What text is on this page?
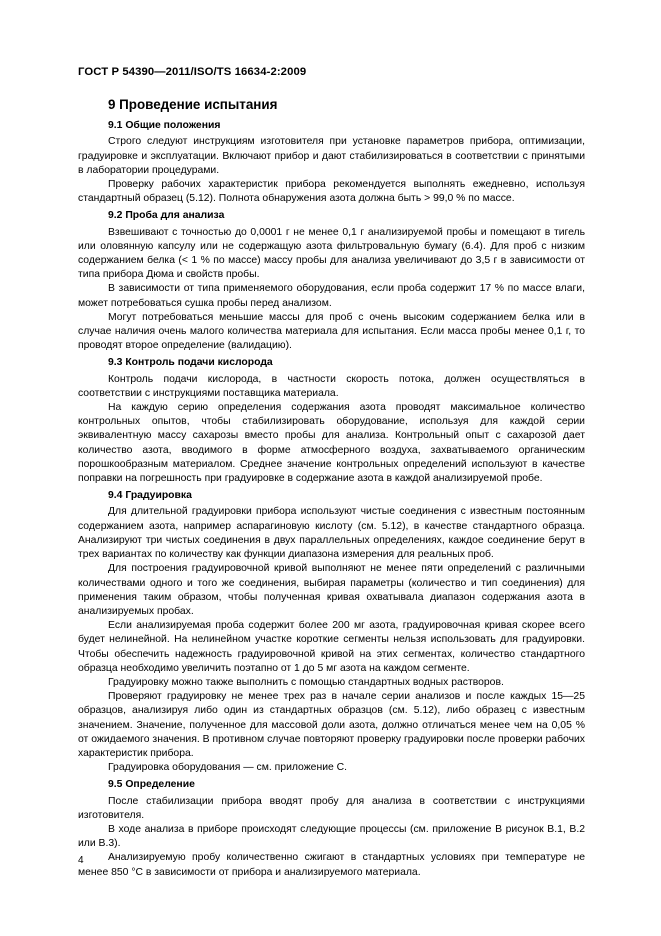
ГОСТ Р 54390—2011/ISO/TS 16634-2:2009
9 Проведение испытания
9.1 Общие положения

Строго следуют инструкциям изготовителя при установке параметров прибора, оптимизации, градуировке и эксплуатации. Включают прибор и дают стабилизироваться в соответствии с принятыми в лаборатории процедурами.

Проверку рабочих характеристик прибора рекомендуется выполнять ежедневно, используя стандартный образец (5.12). Полнота обнаружения азота должна быть > 99,0 % по массе.

9.2 Проба для анализа

Взвешивают с точностью до 0,0001 г не менее 0,1 г анализируемой пробы и помещают в тигель или оловянную капсулу или не содержащую азота фильтровальную бумагу (6.4). Для проб с низким содержанием белка (< 1 % по массе) массу пробы для анализа увеличивают до 3,5 г в зависимости от типа прибора Дюма и свойств пробы.

В зависимости от типа применяемого оборудования, если проба содержит 17 % по массе влаги, может потребоваться сушка пробы перед анализом.

Могут потребоваться меньшие массы для проб с очень высоким содержанием белка или в случае наличия очень малого количества материала для испытания. Если масса пробы менее 0,1 г, то проводят второе определение (валидацию).

9.3 Контроль подачи кислорода

Контроль подачи кислорода, в частности скорость потока, должен осуществляться в соответствии с инструкциями поставщика материала.

На каждую серию определения содержания азота проводят максимальное количество контрольных опытов, чтобы стабилизировать оборудование, используя для каждой серии эквивалентную массу сахарозы вместо пробы для анализа. Контрольный опыт с сахарозой дает количество азота, вводимого в форме атмосферного воздуха, захватываемого органическим порошкообразным материалом. Среднее значение контрольных определений используют в качестве поправки на погрешность при градуировке в содержание азота в каждой анализируемой пробе.

9.4 Градуировка

Для длительной градуировки прибора используют чистые соединения с известным постоянным содержанием азота, например аспарагиновую кислоту (см. 5.12), в качестве стандартного образца. Анализируют три чистых соединения в двух параллельных определениях, каждое соединение берут в трех вариантах по количеству как функции диапазона измерения для реальных проб.

Для построения градуировочной кривой выполняют не менее пяти определений с различными количествами одного и того же соединения, выбирая параметры (количество и тип соединения) для применения таким образом, чтобы полученная кривая охватывала диапазон содержания азота в анализируемых пробах.

Если анализируемая проба содержит более 200 мг азота, градуировочная кривая скорее всего будет нелинейной. На нелинейном участке короткие сегменты нельзя использовать для градуировки. Чтобы обеспечить надежность градуировочной кривой на этих сегментах, количество стандартного образца необходимо увеличить поэтапно от 1 до 5 мг азота на каждом сегменте.

Градуировку можно также выполнить с помощью стандартных водных растворов.

Проверяют градуировку не менее трех раз в начале серии анализов и после каждых 15—25 образцов, анализируя либо один из стандартных образцов (см. 5.12), либо образец с известным значением. Значение, полученное для массовой доли азота, должно отличаться менее чем на 0,05 % от ожидаемого значения. В противном случае повторяют проверку градуировки после проверки рабочих характеристик прибора.

Градуировка оборудования — см. приложение С.

9.5 Определение

После стабилизации прибора вводят пробу для анализа в соответствии с инструкциями изготовителя.

В ходе анализа в приборе происходят следующие процессы (см. приложение В рисунок В.1, В.2 или В.3).

Анализируемую пробу количественно сжигают в стандартных условиях при температуре не менее 850 °С в зависимости от прибора и анализируемого материала.

4
